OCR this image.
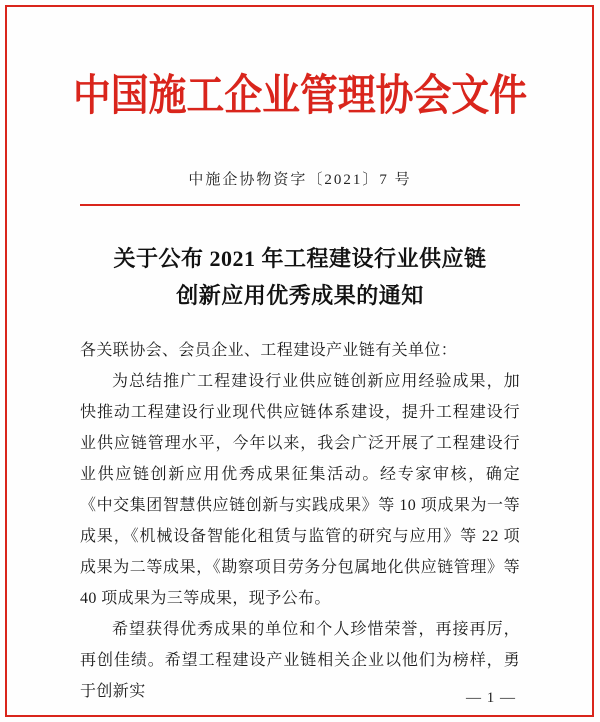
中国施工企业管理协会文件
中施企协物资字〔2021〕7 号
关于公布 2021 年工程建设行业供应链
创新应用优秀成果的通知

各关联协会、会员企业、工程建设产业链有关单位：

为总结推广工程建设行业供应链创新应用经验成果，加快推动工程建设行业现代供应链体系建设，提升工程建设行业供应链管理水平，今年以来，我会广泛开展了工程建设行业供应链创新应用优秀成果征集活动。经专家审核，确定《中交集团智慧供应链创新与实践成果》等 10 项成果为一等成果，《机械设备智能化租赁与监管的研究与应用》等 22 项成果为二等成果，《勘察项目劳务分包属地化供应链管理》等 40 项成果为三等成果，现予公布。

希望获得优秀成果的单位和个人珍惜荣誉，再接再厉，再创佳绩。希望工程建设产业链相关企业以他们为榜样，勇于创新实	— 1 —
